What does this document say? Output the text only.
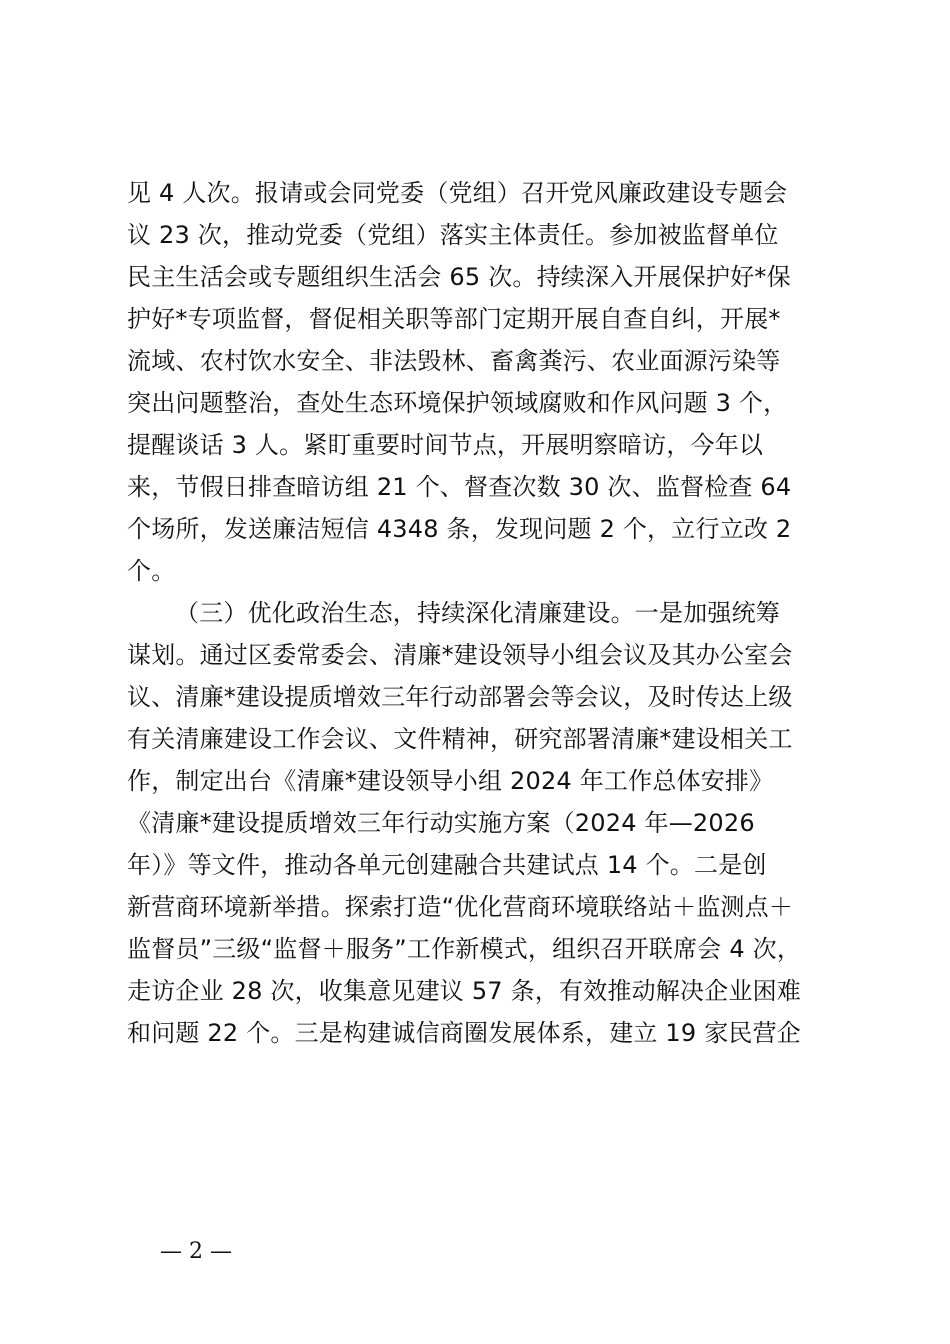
见 4 人次。报请或会同党委（党组）召开党风廉政建设专题会
议 23 次，推动党委（党组）落实主体责任。参加被监督单位
民主生活会或专题组织生活会 65 次。持续深入开展保护好*保
护好*专项监督，督促相关职等部门定期开展自查自纠，开展*
流域、农村饮水安全、非法毁林、畜禽粪污、农业面源污染等
突出问题整治，查处生态环境保护领域腐败和作风问题 3 个，
提醒谈话 3 人。紧盯重要时间节点，开展明察暗访，今年以
来，节假日排查暗访组 21 个、督查次数 30 次、监督检查 64
个场所，发送廉洁短信 4348 条，发现问题 2 个，立行立改 2
个。
（三）优化政治生态，持续深化清廉建设。一是加强统筹
谋划。通过区委常委会、清廉*建设领导小组会议及其办公室会
议、清廉*建设提质增效三年行动部署会等会议，及时传达上级
有关清廉建设工作会议、文件精神，研究部署清廉*建设相关工
作，制定出台《清廉*建设领导小组 2024 年工作总体安排》
《清廉*建设提质增效三年行动实施方案（2024 年—2026
年）》等文件，推动各单元创建融合共建试点 14 个。二是创
新营商环境新举措。探索打造“优化营商环境联络站＋监测点＋
监督员”三级“监督＋服务”工作新模式，组织召开联席会 4 次，
走访企业 28 次，收集意见建议 57 条，有效推动解决企业困难
和问题 22 个。三是构建诚信商圈发展体系，建立 19 家民营企
— 2 —
